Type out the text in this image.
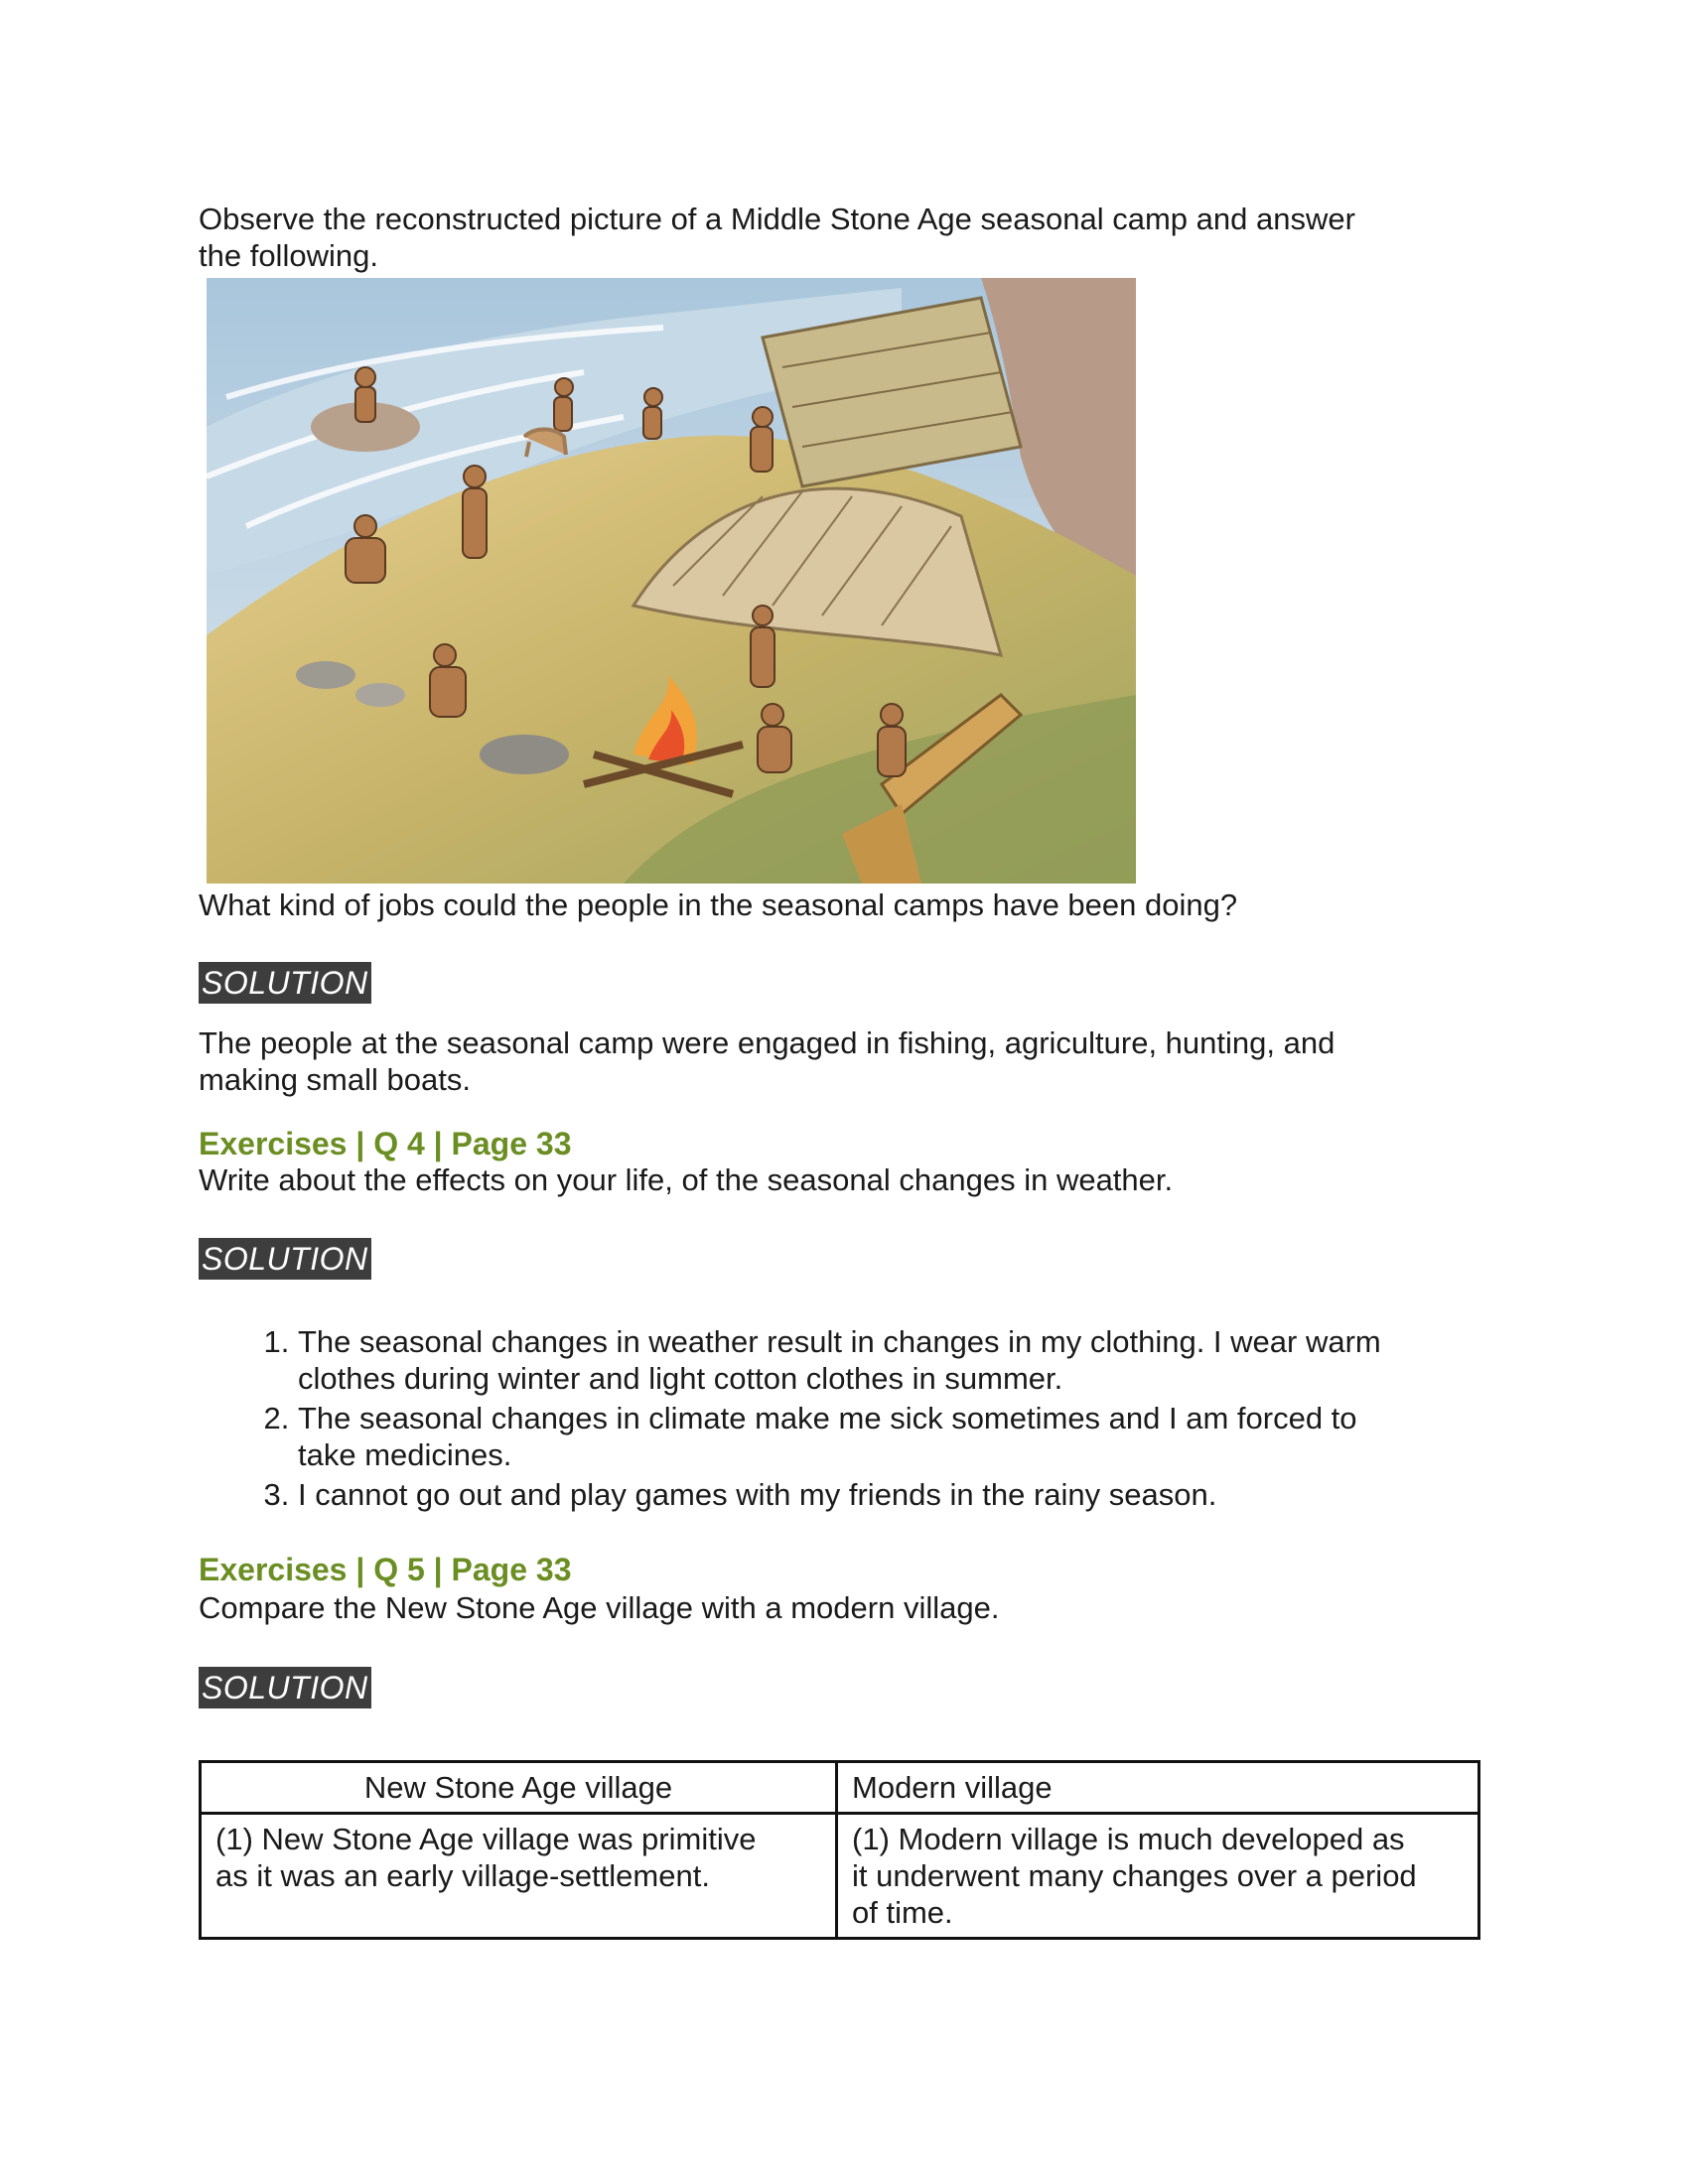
Observe the reconstructed picture of a Middle Stone Age seasonal camp and answer
the following.

What kind of jobs could the people in the seasonal camps have been doing?

SOLUTION

The people at the seasonal camp were engaged in fishing, agriculture, hunting, and
making small boats.

Exercises | Q 4 | Page 33

Write about the effects on your life, of the seasonal changes in weather.

SOLUTION
1. The seasonal changes in weather result in changes in my clothing. I wear warm
clothes during winter and light cotton clothes in summer.
2. The seasonal changes in climate make me sick sometimes and I am forced to
take medicines.
3. I cannot go out and play games with my friends in the rainy season.

Exercises | Q 5 | Page 33

Compare the New Stone Age village with a modern village.

SOLUTION
New Stone Age village	Modern village
(1) New Stone Age village was primitive
as it was an early village-settlement.	(1) Modern village is much developed as
it underwent many changes over a period
of time.
